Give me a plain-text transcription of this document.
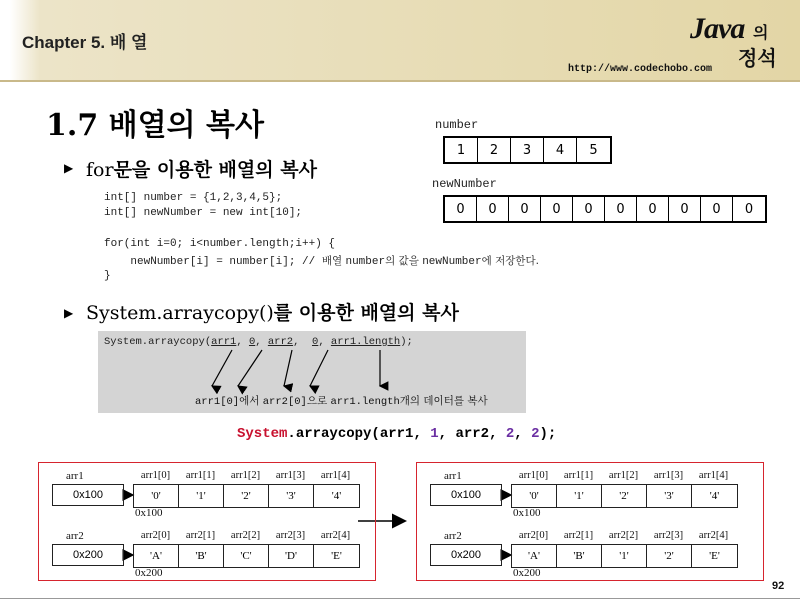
Chapter 5. 배 열	Java 의
정석
http://www.codechobo.com
1.7 배열의 복사
▶ for문을 이용한 배열의 복사
int[] number = {1,2,3,4,5};
int[] newNumber = new int[10];
for(int i=0; i<number.length;i++) {
newNumber[i] = number[i]; // 배열 number의 값을 newNumber에 저장한다.
}
number
1	2	3	4	5
newNumber
0	0	0	0	0	0	0	0	0	0
▶ System.arraycopy()를 이용한 배열의 복사
System.arraycopy(arr1, 0, arr2,  0, arr1.length);
arr1[0]에서 arr2[0]으로 arr1.length개의 데이터를 복사
System.arraycopy(arr1, 1, arr2, 2, 2);
arr1
0x100
arr1[0]	arr1[1]	arr1[2]	arr1[3]	arr1[4]
'0'	'1'	'2'	'3'	'4'
0x100
arr2
0x200
arr2[0]	arr2[1]	arr2[2]	arr2[3]	arr2[4]
'A'	'B'	'C'	'D'	'E'
0x200
arr1
0x100
arr1[0]	arr1[1]	arr1[2]	arr1[3]	arr1[4]
'0'	'1'	'2'	'3'	'4'
0x100
arr2
0x200
arr2[0]	arr2[1]	arr2[2]	arr2[3]	arr2[4]
'A'	'B'	'1'	'2'	'E'
0x200
92
